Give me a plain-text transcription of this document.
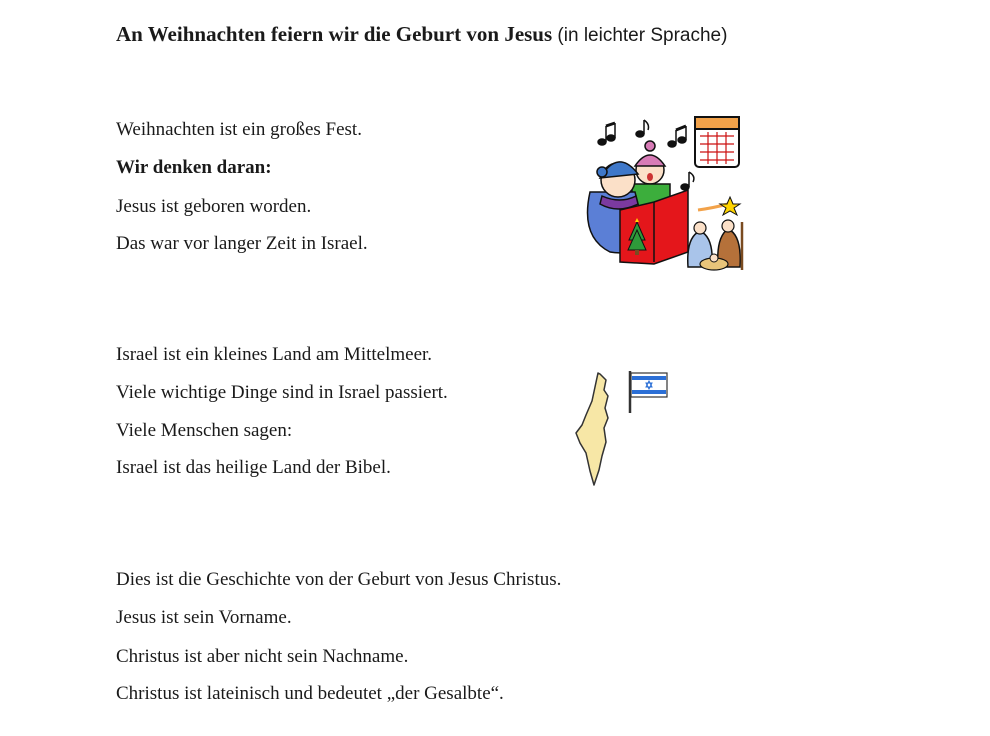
An Weihnachten feiern wir die Geburt von Jesus (in leichter Sprache)
Weihnachten ist ein großes Fest.
Wir denken daran:
Jesus ist geboren worden.
Das war vor langer Zeit in Israel.
Israel ist ein kleines Land am Mittelmeer.
Viele wichtige Dinge sind in Israel passiert.
Viele Menschen sagen:
Israel ist das heilige Land der Bibel.
Dies ist die Geschichte von der Geburt von Jesus Christus.
Jesus ist sein Vorname.
Christus ist aber nicht sein Nachname.
Christus ist lateinisch und bedeutet „der Gesalbte“.
